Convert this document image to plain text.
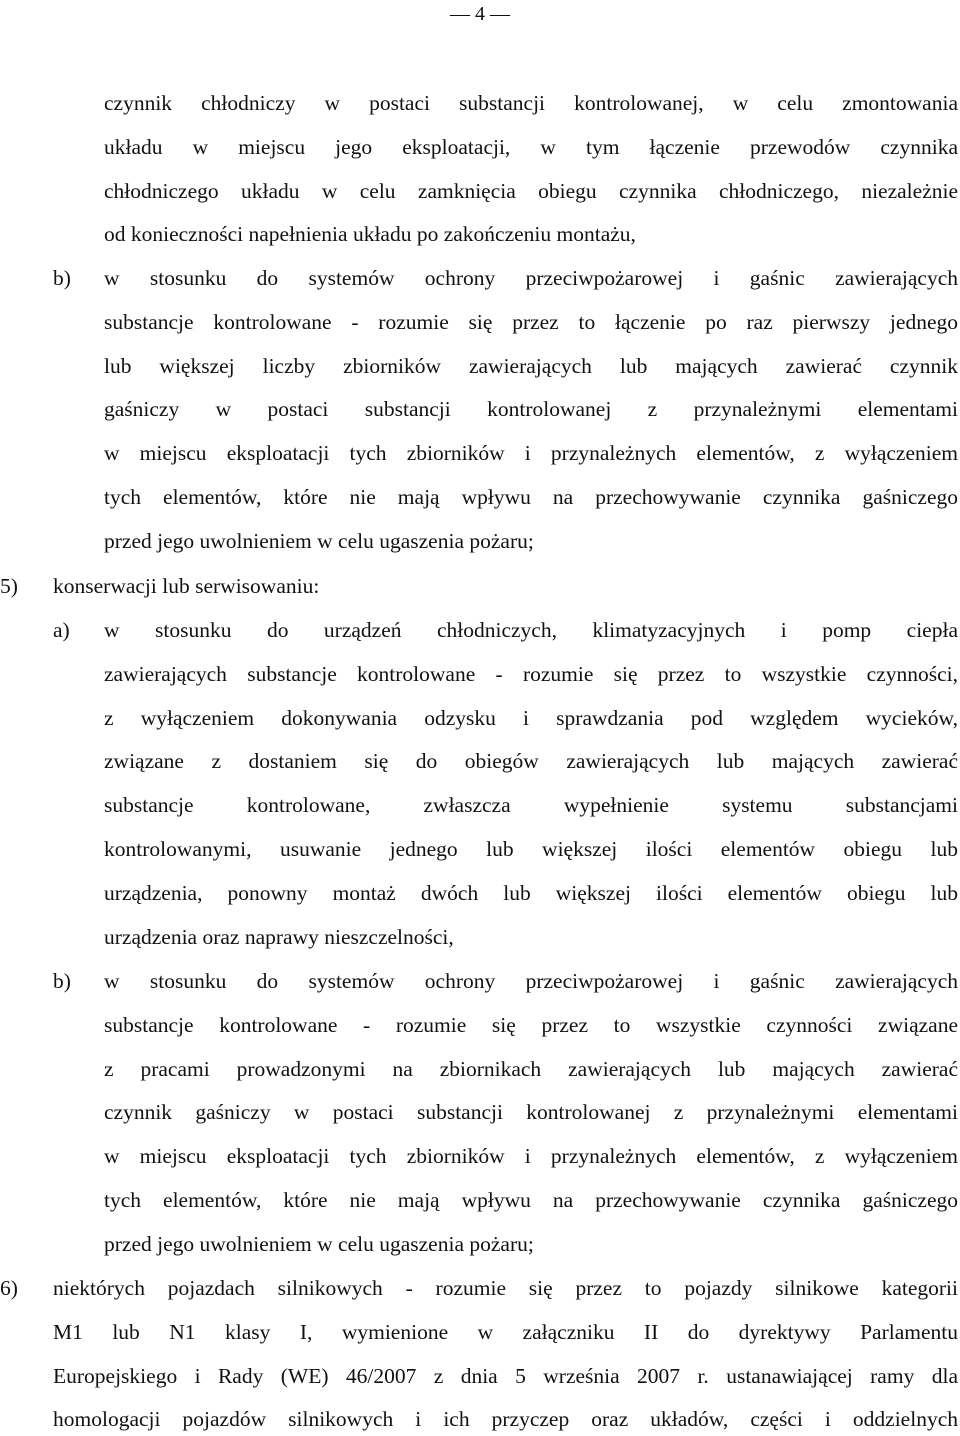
— 4 —
czynnik chłodniczy w postaci substancji kontrolowanej, w celu zmontowania
układu w miejscu jego eksploatacji, w tym łączenie przewodów czynnika
chłodniczego układu w celu zamknięcia obiegu czynnika chłodniczego, niezależnie
od konieczności napełnienia układu po zakończeniu montażu,
b) w stosunku do systemów ochrony przeciwpożarowej i gaśnic zawierających
substancje kontrolowane - rozumie się przez to łączenie po raz pierwszy jednego
lub większej liczby zbiorników zawierających lub mających zawierać czynnik
gaśniczy w postaci substancji kontrolowanej z przynależnymi elementami
w miejscu eksploatacji tych zbiorników i przynależnych elementów, z wyłączeniem
tych elementów, które nie mają wpływu na przechowywanie czynnika gaśniczego
przed jego uwolnieniem w celu ugaszenia pożaru;
5) konserwacji lub serwisowaniu:
a) w stosunku do urządzeń chłodniczych, klimatyzacyjnych i pomp ciepła
zawierających substancje kontrolowane - rozumie się przez to wszystkie czynności,
z wyłączeniem dokonywania odzysku i sprawdzania pod względem wycieków,
związane z dostaniem się do obiegów zawierających lub mających zawierać
substancje kontrolowane, zwłaszcza wypełnienie systemu substancjami
kontrolowanymi, usuwanie jednego lub większej ilości elementów obiegu lub
urządzenia, ponowny montaż dwóch lub większej ilości elementów obiegu lub
urządzenia oraz naprawy nieszczelności,
b) w stosunku do systemów ochrony przeciwpożarowej i gaśnic zawierających
substancje kontrolowane - rozumie się przez to wszystkie czynności związane
z pracami prowadzonymi na zbiornikach zawierających lub mających zawierać
czynnik gaśniczy w postaci substancji kontrolowanej z przynależnymi elementami
w miejscu eksploatacji tych zbiorników i przynależnych elementów, z wyłączeniem
tych elementów, które nie mają wpływu na przechowywanie czynnika gaśniczego
przed jego uwolnieniem w celu ugaszenia pożaru;
6) niektórych pojazdach silnikowych - rozumie się przez to pojazdy silnikowe kategorii
M1 lub N1 klasy I, wymienione w załączniku II do dyrektywy Parlamentu
Europejskiego i Rady (WE) 46/2007 z dnia 5 września 2007 r. ustanawiającej ramy dla
homologacji pojazdów silnikowych i ich przyczep oraz układów, części i oddzielnych
